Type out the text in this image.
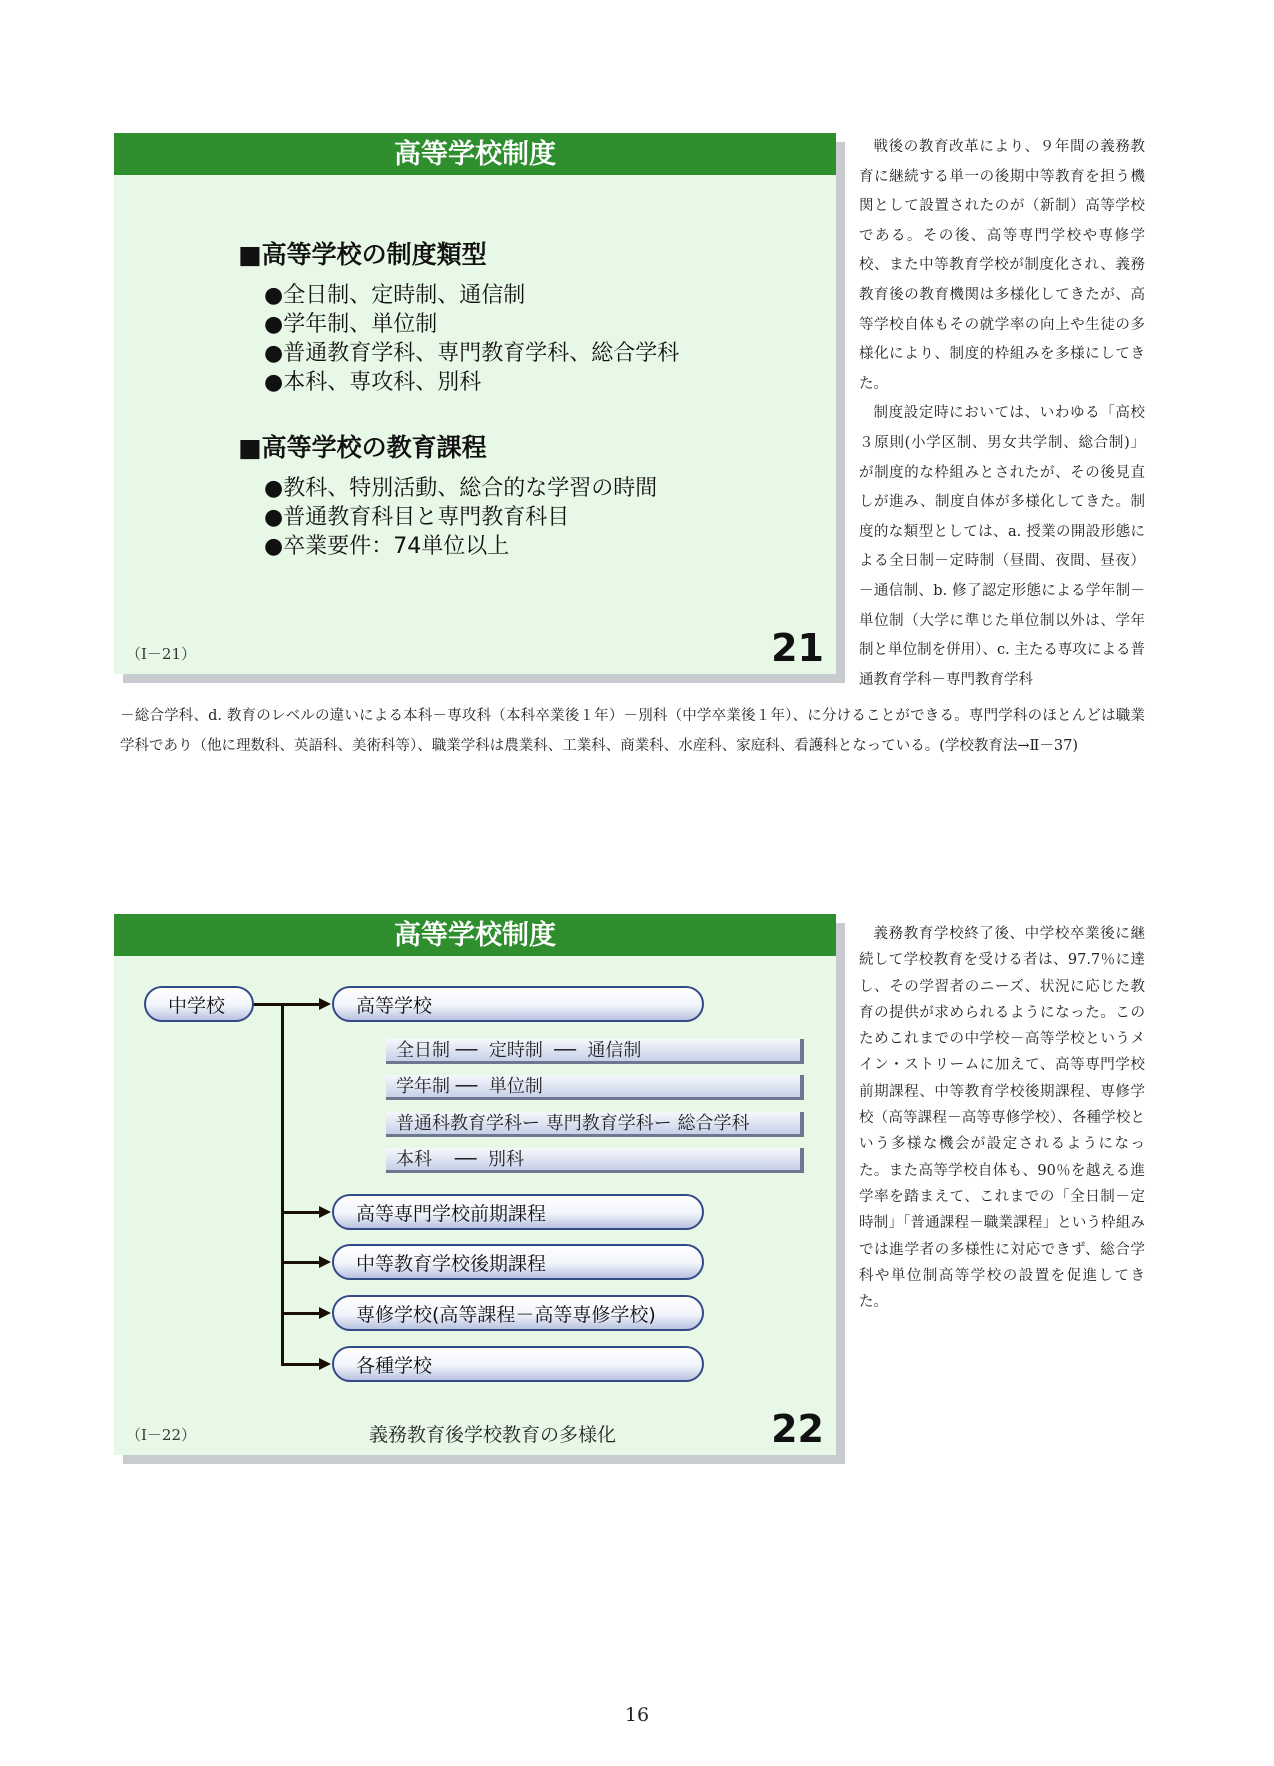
高等学校制度
■高等学校の制度類型
● 全日制、定時制、通信制
● 学年制、単位制
● 普通教育学科、専門教育学科、総合学科
● 本科、専攻科、別科
■高等学校の教育課程
● 教科、特別活動、総合的な学習の時間
● 普通教育科目と専門教育科目
● 卒業要件：74単位以上
（Ⅰ－21）	21

戦後の教育改革により、９年間の義務教育に継続する単一の後期中等教育を担う機関として設置されたのが（新制）高等学校である。その後、高等専門学校や専修学校、また中等教育学校が制度化され、義務教育後の教育機関は多様化してきたが、高等学校自体もその就学率の向上や生徒の多様化により、制度的枠組みを多様にしてきた。

制度設定時においては、いわゆる「高校３原則(小学区制、男女共学制、総合制)」が制度的な枠組みとされたが、その後見直しが進み、制度自体が多様化してきた。制度的な類型としては、a. 授業の開設形態による全日制－定時制（昼間、夜間、昼夜）－通信制、b. 修了認定形態による学年制－単位制（大学に準じた単位制以外は、学年制と単位制を併用）、c. 主たる専攻による普通教育学科－専門教育学科

－総合学科、d. 教育のレベルの違いによる本科－専攻科（本科卒業後１年）－別科（中学卒業後１年）、に分けることができる。専門学科のほとんどは職業学科であり（他に理数科、英語科、美術科等）、職業学科は農業科、工業科、商業科、水産科、家庭科、看護科となっている。(学校教育法→Ⅱ－37)
高等学校制度
中学校	高等学校
全日制 ──  定時制  ──  通信制
学年制 ──  単位制
普通科教育学科ー 専門教育学科ー 総合学科
本科    ──  別科
高等専門学校前期課程
中等教育学校後期課程
専修学校(高等課程－高等専修学校)
各種学校
（Ⅰ－22）	義務教育後学校教育の多様化	22

義務教育学校終了後、中学校卒業後に継続して学校教育を受ける者は、97.7％に達し、その学習者のニーズ、状況に応じた教育の提供が求められるようになった。このためこれまでの中学校－高等学校というメイン・ストリームに加えて、高等専門学校前期課程、中等教育学校後期課程、専修学校（高等課程－高等専修学校）、各種学校という多様な機会が設定されるようになった。また高等学校自体も、90％を越える進学率を踏まえて、これまでの「全日制－定時制」「普通課程－職業課程」という枠組みでは進学者の多様性に対応できず、総合学科や単位制高等学校の設置を促進してきた。

16
